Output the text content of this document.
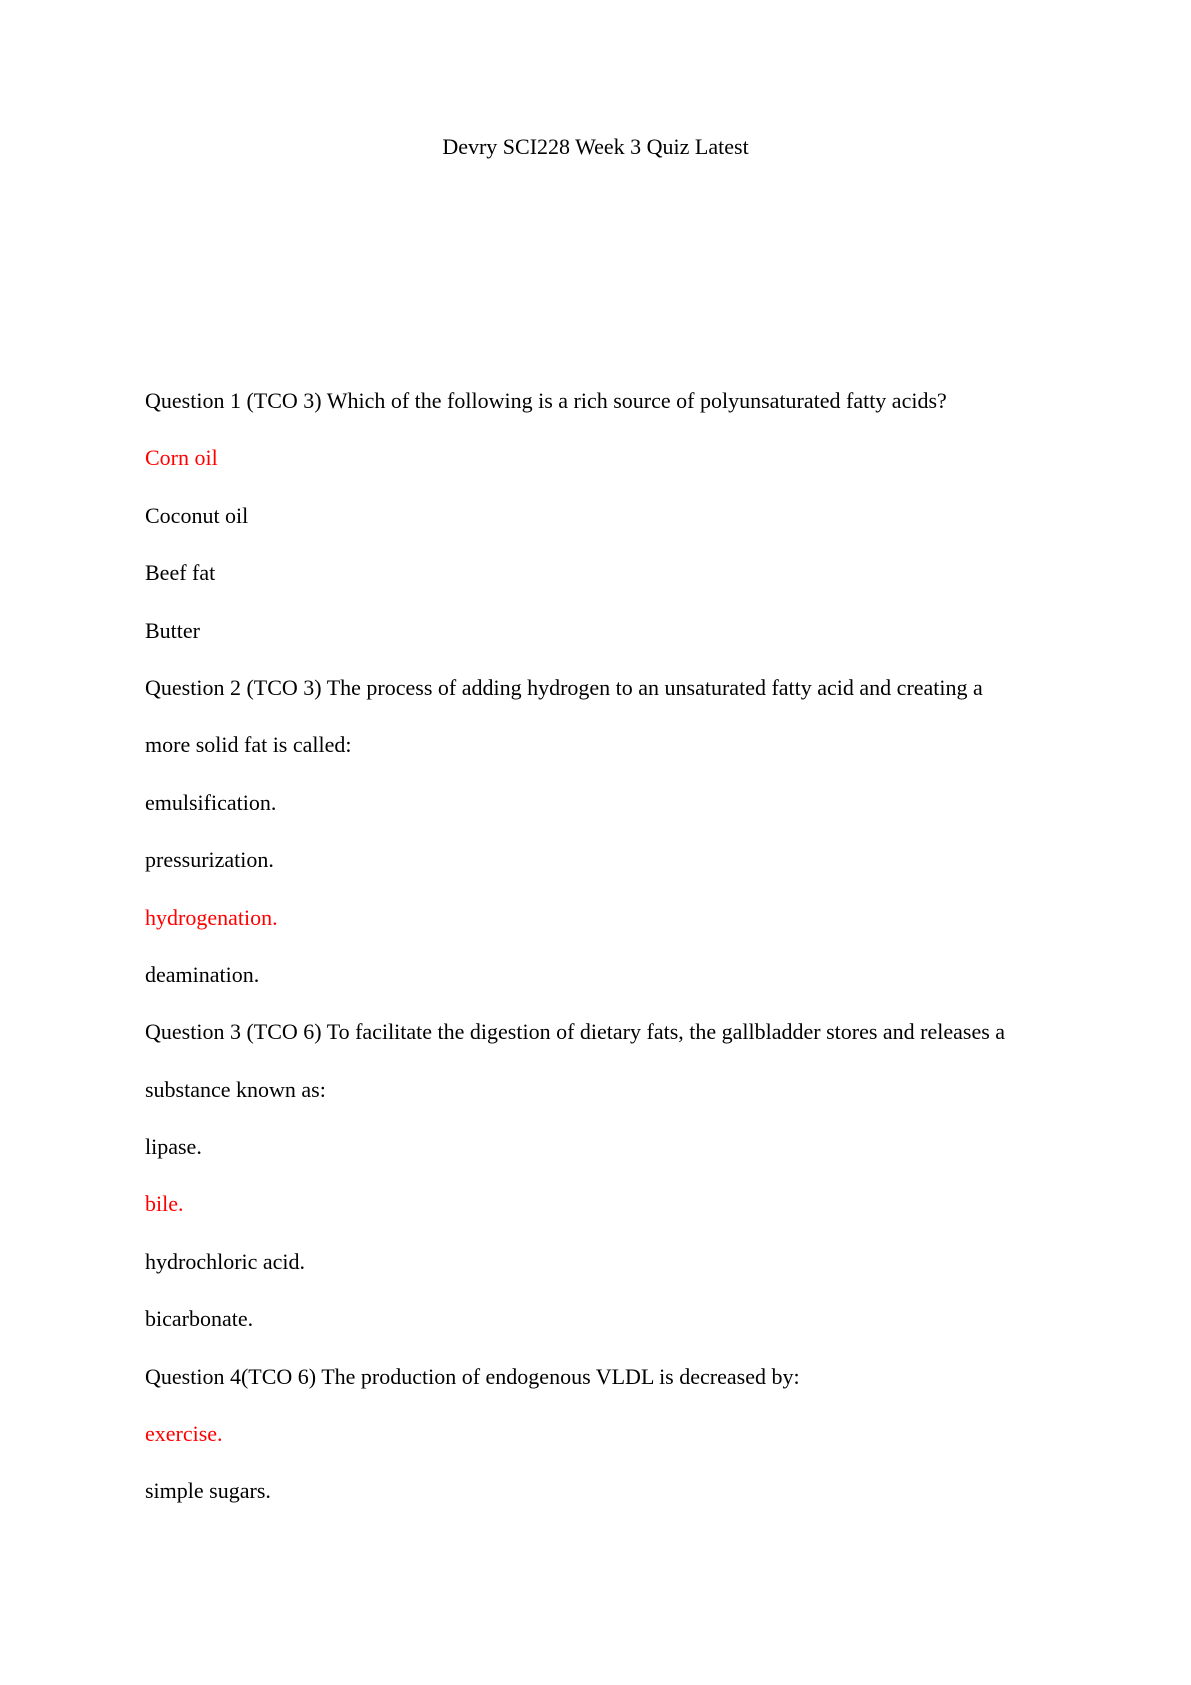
Devry SCI228 Week 3 Quiz Latest
Question 1 (TCO 3) Which of the following is a rich source of polyunsaturated fatty acids?
Corn oil
Coconut oil
Beef fat
Butter
Question 2 (TCO 3) The process of adding hydrogen to an unsaturated fatty acid and creating a
more solid fat is called:
emulsification.
pressurization.
hydrogenation.
deamination.
Question 3 (TCO 6) To facilitate the digestion of dietary fats, the gallbladder stores and releases a
substance known as:
lipase.
bile.
hydrochloric acid.
bicarbonate.
Question 4(TCO 6) The production of endogenous VLDL is decreased by:
exercise.
simple sugars.
